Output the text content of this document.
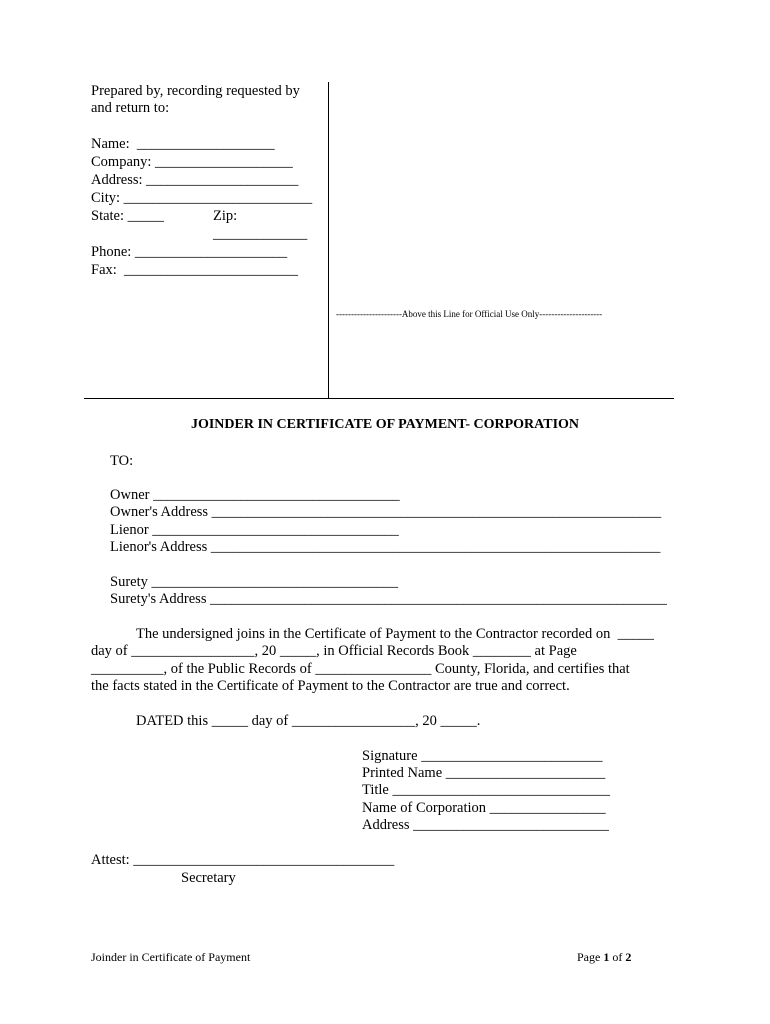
Prepared by, recording requested by
and return to:
Name:  ___________________
Company: ___________________
Address: _____________________
City: __________________________
State: _____	Zip:
_____________
Phone: _____________________
Fax:  ________________________
----------------------Above this Line for Official Use Only---------------------
JOINDER IN CERTIFICATE OF PAYMENT- CORPORATION
TO:
Owner __________________________________
Owner's Address ______________________________________________________________
Lienor __________________________________
Lienor's Address ______________________________________________________________
Surety __________________________________
Surety's Address _______________________________________________________________
The undersigned joins in the Certificate of Payment to the Contractor recorded on  _____
day of _________________, 20 _____, in Official Records Book ________ at Page
__________, of the Public Records of ________________ County, Florida, and certifies that
the facts stated in the Certificate of Payment to the Contractor are true and correct.
DATED this _____ day of _________________, 20 _____.
Signature _________________________
Printed Name ______________________
Title ______________________________
Name of Corporation ________________
Address ___________________________
Attest: ____________________________________
Secretary
Joinder in Certificate of Payment	Page 1 of 2
